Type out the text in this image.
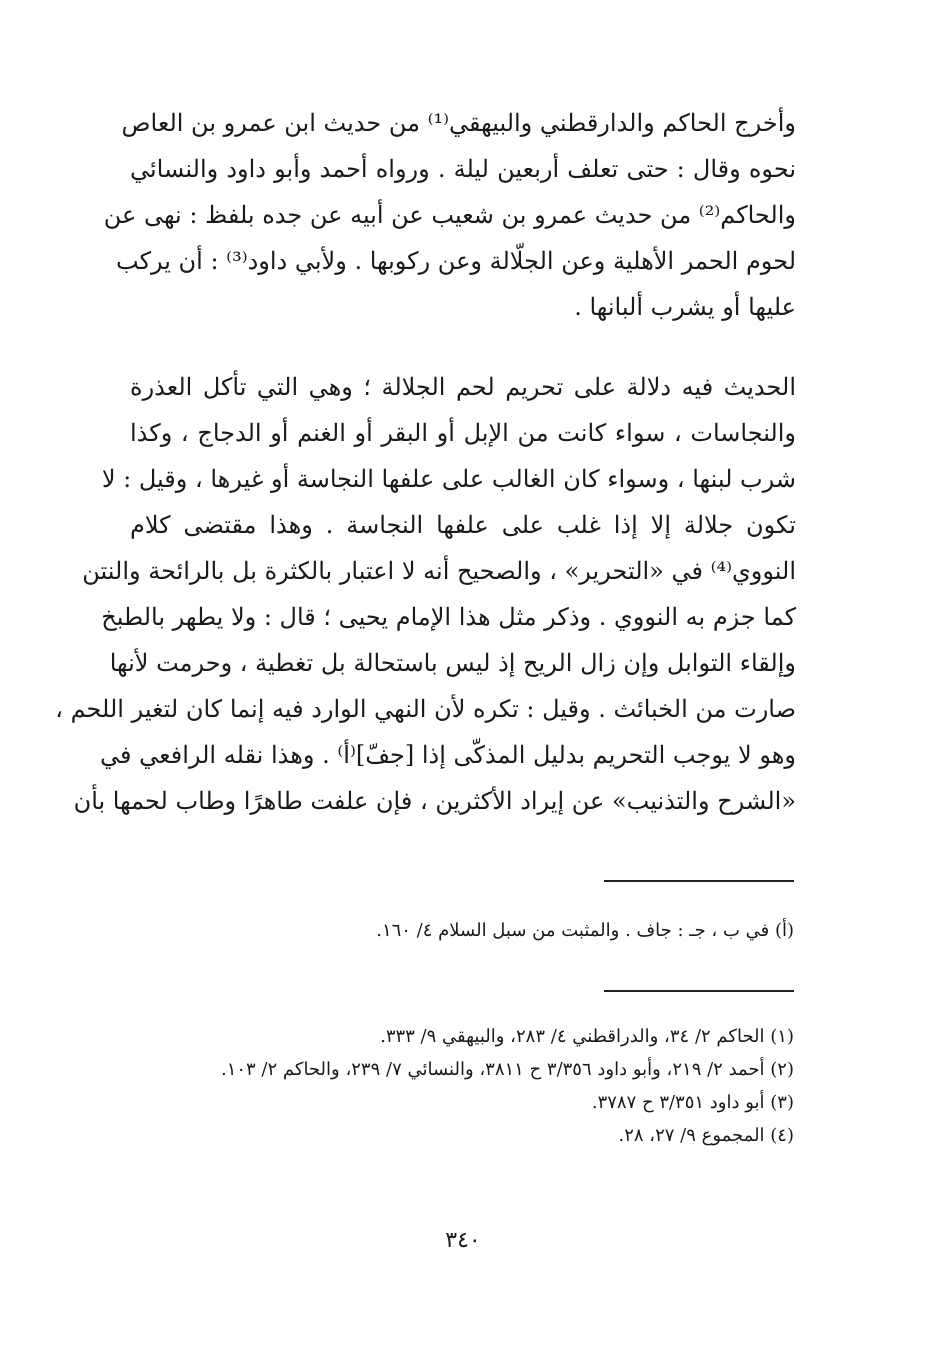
وأخرج الحاكم والدارقطني والبيهقي⁽¹⁾ من حديث ابن عمرو بن العاص
نحوه وقال : حتى تعلف أربعين ليلة . ورواه أحمد وأبو داود والنسائي
والحاكم⁽²⁾ من حديث عمرو بن شعيب عن أبيه عن جده بلفظ : نهى عن
لحوم الحمر الأهلية وعن الجلّالة وعن ركوبها . ولأبي داود⁽³⁾ : أن يركب
عليها أو يشرب ألبانها .
الحديث فيه دلالة على تحريم لحم الجلالة ؛ وهي التي تأكل العذرة
والنجاسات ، سواء كانت من الإبل أو البقر أو الغنم أو الدجاج ، وكذا
شرب لبنها ، وسواء كان الغالب على علفها النجاسة أو غيرها ، وقيل : لا
تكون جلالة إلا إذا غلب على علفها النجاسة . وهذا مقتضى كلام
النووي⁽⁴⁾ في «التحرير» ، والصحيح أنه لا اعتبار بالكثرة بل بالرائحة والنتن
كما جزم به النووي . وذكر مثل هذا الإمام يحيى ؛ قال : ولا يطهر بالطبخ
وإلقاء التوابل وإن زال الريح إذ ليس باستحالة بل تغطية ، وحرمت لأنها
صارت من الخبائث . وقيل : تكره لأن النهي الوارد فيه إنما كان لتغير اللحم ،
وهو لا يوجب التحريم بدليل المذكّى إذا [جفّ]⁽أ⁾ . وهذا نقله الرافعي في
«الشرح والتذنيب» عن إيراد الأكثرين ، فإن علفت طاهرًا وطاب لحمها بأن
(أ) في ب ، جـ : جاف . والمثبت من سبل السلام ٤/ ١٦٠.
(١) الحاكم ٢/ ٣٤، والدراقطني ٤/ ٢٨٣، والبيهقي ٩/ ٣٣٣.
(٢) أحمد ٢/ ٢١٩، وأبو داود ٣/٣٥٦ ح ٣٨١١، والنسائي ٧/ ٢٣٩، والحاكم ٢/ ١٠٣.
(٣) أبو داود ٣/٣٥١ ح ٣٧٨٧.
(٤) المجموع ٩/ ٢٧، ٢٨.
٣٤٠
